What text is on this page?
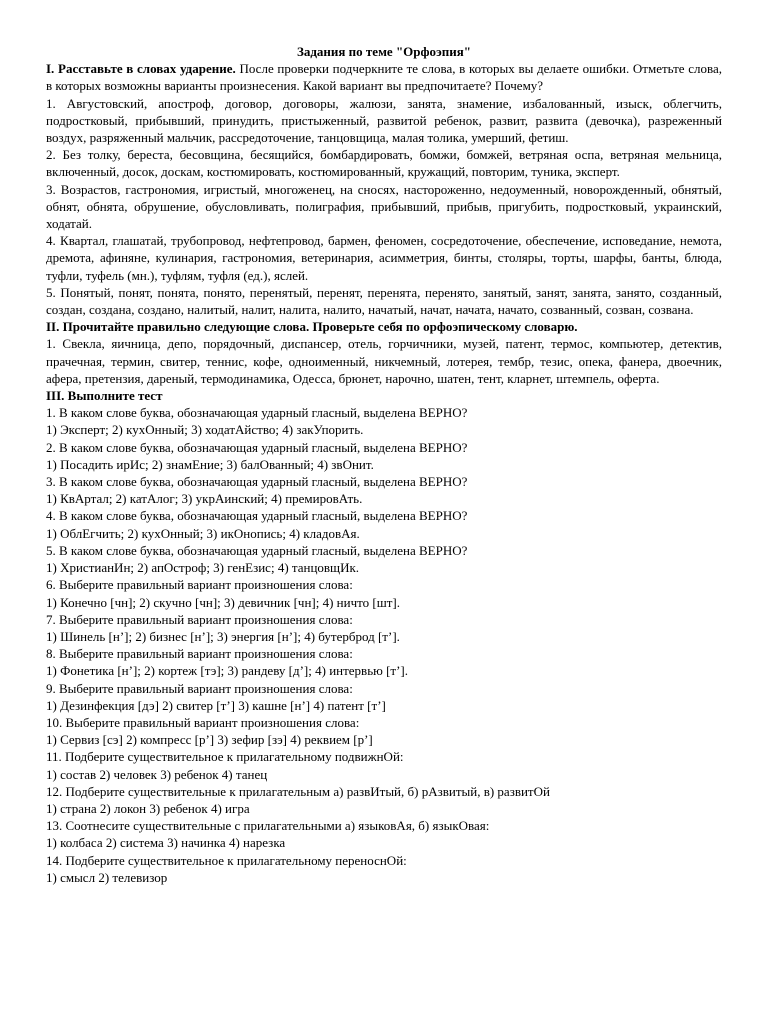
Задания по теме "Орфоэпия"

I. Расставьте в словах ударение. После проверки подчеркните те слова, в которых вы делаете ошибки. Отметьте слова, в которых возможны варианты произнесения. Какой вариант вы предпочитаете? Почему?

1. Августовский, апостроф, договор, договоры, жалюзи, занята, знамение, избалованный, изыск, облегчить, подростковый, прибывший, принудить, пристыженный, развитой ребенок, развит, развита (девочка), разреженный воздух, разряженный мальчик, рассредоточение, танцовщица, малая толика, умерший, фетиш.

2. Без толку, береста, бесовщина, бесящийся, бомбардировать, бомжи, бомжей, ветряная оспа, ветряная мельница, включенный, досок, доскам, костюмировать, костюмированный, кружащий, повторим, туника, эксперт.

3. Возрастов, гастрономия, игристый, многоженец, на сносях, настороженно, недоуменный, новорожденный, обнятый, обнят, обнята, обрушение, обусловливать, полиграфия, прибывший, прибыв, пригубить, подростковый, украинский, ходатай.

4. Квартал, глашатай, трубопровод, нефтепровод, бармен, феномен, сосредоточение, обеспечение, исповедание, немота, дремота, афиняне, кулинария, гастрономия, ветеринария, асимметрия, бинты, столяры, торты, шарфы, банты, блюда, туфли, туфель (мн.), туфлям, туфля (ед.), яслей.

5. Понятый, понят, понята, понято, перенятый, перенят, перенята, перенято, занятый, занят, занята, занято, созданный, создан, создана, создано, налитый, налит, налита, налито, начатый, начат, начата, начато, созванный, созван, созвана.

II. Прочитайте правильно следующие слова. Проверьте себя по орфоэпическому словарю.

1. Свекла, яичница, депо, порядочный, диспансер, отель, горчичники, музей, патент, термос, компьютер, детектив, прачечная, термин, свитер, теннис, кофе, одноименный, никчемный, лотерея, тембр, тезис, опека, фанера, двоечник, афера, претензия, дареный, термодинамика, Одесса, брюнет, нарочно, шатен, тент, кларнет, штемпель, оферта.

III. Выполните тест
1. В каком слове буква, обозначающая ударный гласный, выделена ВЕРНО?
1) Эксперт; 2) кухОнный; 3) ходатАйство; 4) закУпорить.
2. В каком слове буква, обозначающая ударный гласный, выделена ВЕРНО?
1) Посадить ирИс; 2) знамЕние; 3) балОванный; 4) звОнит.
3. В каком слове буква, обозначающая ударный гласный, выделена ВЕРНО?
1) КвАртал; 2) катАлог; 3) укрАинский; 4) премировАть.
4. В каком слове буква, обозначающая ударный гласный, выделена ВЕРНО?
1) ОблЕгчить; 2) кухОнный; 3) икОнопись; 4) кладовАя.
5. В каком слове буква, обозначающая ударный гласный, выделена ВЕРНО?
1) ХристианИн; 2) апОстроф; 3) генЕзис; 4) танцовщИк.
6. Выберите правильный вариант произношения слова:
1) Конечно [чн]; 2) скучно [чн]; 3) девичник [чн]; 4) ничто [шт].
7. Выберите правильный вариант произношения слова:
1) Шинель [н’]; 2) бизнес [н’]; 3) энергия [н’]; 4) бутерброд [т’].
8. Выберите правильный вариант произношения слова:
1) Фонетика [н’]; 2) кортеж [тэ]; 3) рандеву [д’]; 4) интервью [т’].
9. Выберите правильный вариант произношения слова:
1) Дезинфекция [дэ] 2) свитер [т’] 3) кашне [н’] 4) патент [т’]
10. Выберите правильный вариант произношения слова:
1) Сервиз [сэ] 2) компресс [р’] 3) зефир [зэ] 4) реквием [р’]
11. Подберите существительное к прилагательному подвижнОй:
1) состав 2) человек 3) ребенок 4) танец
12. Подберите существительные к прилагательным а) развИтый, б) рАзвитый, в) развитОй
1) страна 2) локон 3) ребенок 4) игра
13. Соотнесите существительные с прилагательными а) языковАя, б) языкОвая:
1) колбаса 2) система 3) начинка 4) нарезка
14. Подберите существительное к прилагательному переноснОй:
1) смысл 2) телевизор
